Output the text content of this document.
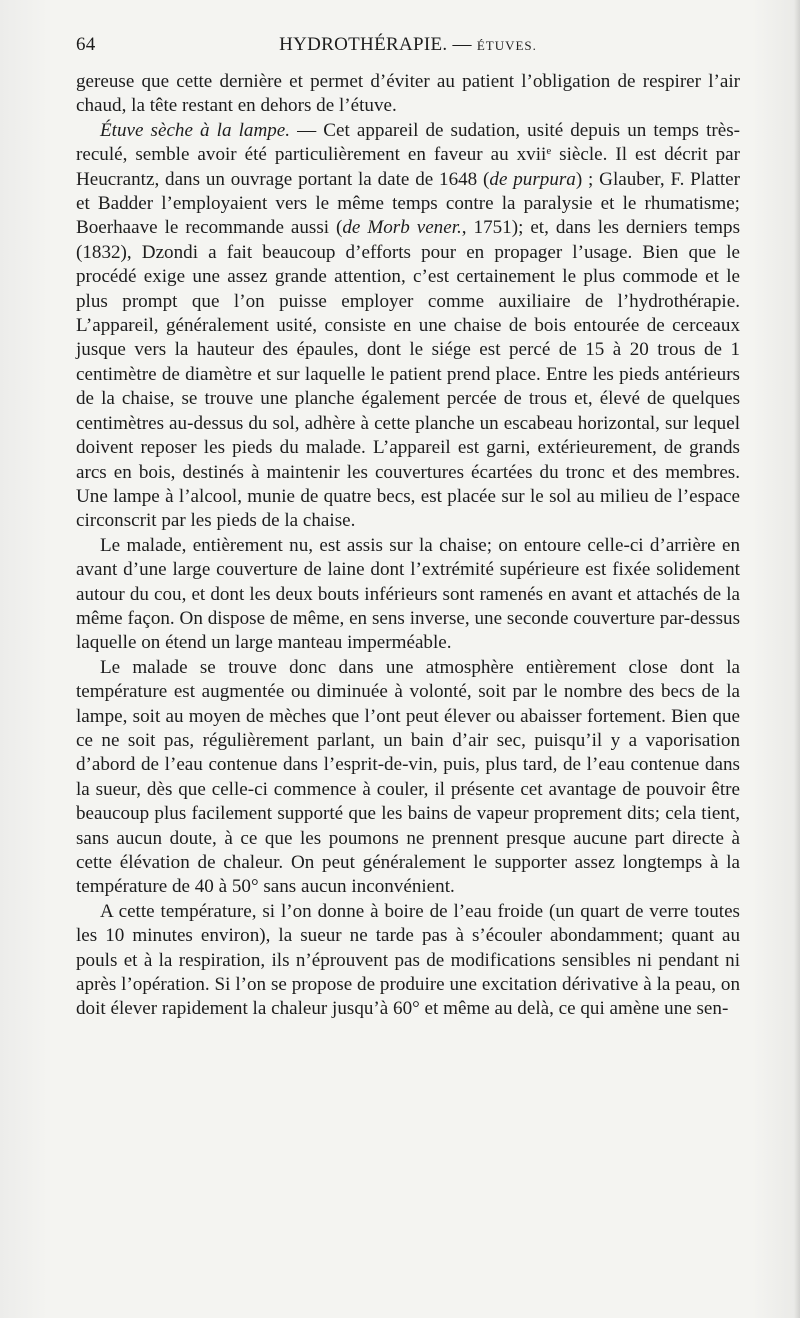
64	HYDROTHÉRAPIE. — ÉTUVES.

gereuse que cette dernière et permet d’éviter au patient l’obligation de respirer l’air chaud, la tête restant en dehors de l’étuve.

Étuve sèche à la lampe. — Cet appareil de sudation, usité depuis un temps très-reculé, semble avoir été particulièrement en faveur au xvii$^e$ siècle. Il est décrit par Heucrantz, dans un ouvrage portant la date de 1648 (de purpura) ; Glauber, F. Platter et Badder l’employaient vers le même temps contre la paralysie et le rhumatisme; Boerhaave le recommande aussi (de Morb vener., 1751); et, dans les derniers temps (1832), Dzondi a fait beaucoup d’efforts pour en propager l’usage. Bien que le procédé exige une assez grande attention, c’est certainement le plus commode et le plus prompt que l’on puisse employer comme auxiliaire de l’hydrothérapie. L’appareil, généralement usité, consiste en une chaise de bois entourée de cerceaux jusque vers la hauteur des épaules, dont le siége est percé de 15 à 20 trous de 1 centimètre de diamètre et sur laquelle le patient prend place. Entre les pieds antérieurs de la chaise, se trouve une planche également percée de trous et, élevé de quelques centimètres au-dessus du sol, adhère à cette planche un escabeau horizontal, sur lequel doivent reposer les pieds du malade. L’appareil est garni, extérieurement, de grands arcs en bois, destinés à maintenir les couvertures écartées du tronc et des membres. Une lampe à l’alcool, munie de quatre becs, est placée sur le sol au milieu de l’espace circonscrit par les pieds de la chaise.

Le malade, entièrement nu, est assis sur la chaise; on entoure celle-ci d’arrière en avant d’une large couverture de laine dont l’extrémité supérieure est fixée solidement autour du cou, et dont les deux bouts inférieurs sont ramenés en avant et attachés de la même façon. On dispose de même, en sens inverse, une seconde couverture par-dessus laquelle on étend un large manteau imperméable.

Le malade se trouve donc dans une atmosphère entièrement close dont la température est augmentée ou diminuée à volonté, soit par le nombre des becs de la lampe, soit au moyen de mèches que l’ont peut élever ou abaisser fortement. Bien que ce ne soit pas, régulièrement parlant, un bain d’air sec, puisqu’il y a vaporisation d’abord de l’eau contenue dans l’esprit-de-vin, puis, plus tard, de l’eau contenue dans la sueur, dès que celle-ci commence à couler, il présente cet avantage de pouvoir être beaucoup plus facilement supporté que les bains de vapeur proprement dits; cela tient, sans aucun doute, à ce que les poumons ne prennent presque aucune part directe à cette élévation de chaleur. On peut généralement le supporter assez longtemps à la température de 40 à 50° sans aucun inconvénient.

A cette température, si l’on donne à boire de l’eau froide (un quart de verre toutes les 10 minutes environ), la sueur ne tarde pas à s’écouler abondamment; quant au pouls et à la respiration, ils n’éprouvent pas de modifications sensibles ni pendant ni après l’opération. Si l’on se propose de produire une excitation dérivative à la peau, on doit élever rapidement la chaleur jusqu’à 60° et même au delà, ce qui amène une sen-
